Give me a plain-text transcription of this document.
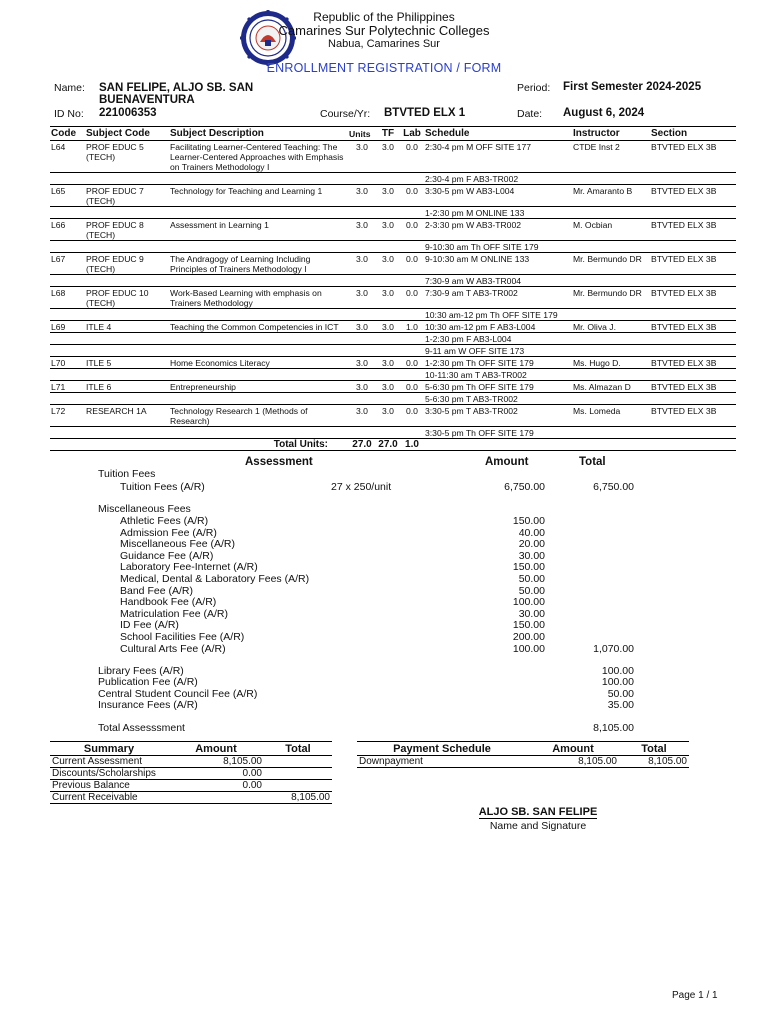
Republic of the Philippines
Camarines Sur Polytechnic Colleges
Nabua, Camarines Sur
ENROLLMENT REGISTRATION / FORM
Name: SAN FELIPE, ALJO SB. SAN
BUENAVENTURA
ID No: 221006353	Course/Yr: BTVTED ELX 1
Period: First Semester 2024-2025
Date: August 6, 2024
Code	Subject Code	Subject Description	Units	TF	Lab	Schedule	Instructor	Section
L64	PROF EDUC 5 (TECH)	Facilitating Learner-Centered Teaching: The Learner-Centered Approaches with Emphasis on Trainers Methodology I	3.0	3.0	0.0	2:30-4 pm M OFF SITE 177	CTDE Inst 2	BTVTED ELX 3B
						2:30-4 pm F AB3-TR002		
L65	PROF EDUC 7 (TECH)	Technology for Teaching and Learning 1	3.0	3.0	0.0	3:30-5 pm W AB3-L004	Mr. Amaranto B	BTVTED ELX 3B
						1-2:30 pm M ONLINE 133		
L66	PROF EDUC 8 (TECH)	Assessment in Learning 1	3.0	3.0	0.0	2-3:30 pm W AB3-TR002	M. Ocbian	BTVTED ELX 3B
						9-10:30 am Th OFF SITE 179		
L67	PROF EDUC 9 (TECH)	The Andragogy of Learning Including Principles of Trainers Methodology I	3.0	3.0	0.0	9-10:30 am M ONLINE 133	Mr. Bermundo DR	BTVTED ELX 3B
						7:30-9 am W AB3-TR004		
L68	PROF EDUC 10 (TECH)	Work-Based Learning with emphasis on Trainers Methodology	3.0	3.0	0.0	7:30-9 am T AB3-TR002	Mr. Bermundo DR	BTVTED ELX 3B
						10:30 am-12 pm Th OFF SITE 179		
L69	ITLE 4	Teaching the Common Competencies in ICT	3.0	3.0	1.0	10:30 am-12 pm F AB3-L004	Mr. Oliva J.	BTVTED ELX 3B
						1-2:30 pm F AB3-L004		
						9-11 am W OFF SITE 173		
L70	ITLE 5	Home Economics Literacy	3.0	3.0	0.0	1-2:30 pm Th OFF SITE 179	Ms. Hugo D.	BTVTED ELX 3B
						10-11:30 am T AB3-TR002		
L71	ITLE 6	Entrepreneurship	3.0	3.0	0.0	5-6:30 pm Th OFF SITE 179	Ms. Almazan D	BTVTED ELX 3B
						5-6:30 pm T AB3-TR002		
L72	RESEARCH 1A	Technology Research 1 (Methods of Research)	3.0	3.0	0.0	3:30-5 pm T AB3-TR002	Ms. Lomeda	BTVTED ELX 3B
						3:30-5 pm Th OFF SITE 179		
Total Units:			27.0	27.0	1.0			
Assessment	Amount	Total
Tuition Fees
Tuition Fees (A/R)	27 x 250/unit	6,750.00	6,750.00
Miscellaneous Fees
Athletic Fees (A/R)	150.00
Admission Fee (A/R)	40.00
Miscellaneous Fee (A/R)	20.00
Guidance Fee (A/R)	30.00
Laboratory Fee-Internet (A/R)	150.00
Medical, Dental & Laboratory Fees (A/R)	50.00
Band Fee (A/R)	50.00
Handbook Fee (A/R)	100.00
Matriculation Fee (A/R)	30.00
ID Fee (A/R)	150.00
School Facilities Fee (A/R)	200.00
Cultural Arts Fee (A/R)	100.00	1,070.00
Library Fees (A/R)	100.00
Publication Fee (A/R)	100.00
Central Student Council Fee (A/R)	50.00
Insurance Fees (A/R)	35.00
Total Assesssment	8,105.00
Summary	Amount	Total
Current Assessment	8,105.00	
Discounts/Scholarships	0.00	
Previous Balance	0.00	
Current Receivable		8,105.00
Payment Schedule	Amount	Total
Downpayment	8,105.00	8,105.00
ALJO SB. SAN FELIPE
Name and Signature
Page 1 / 1
